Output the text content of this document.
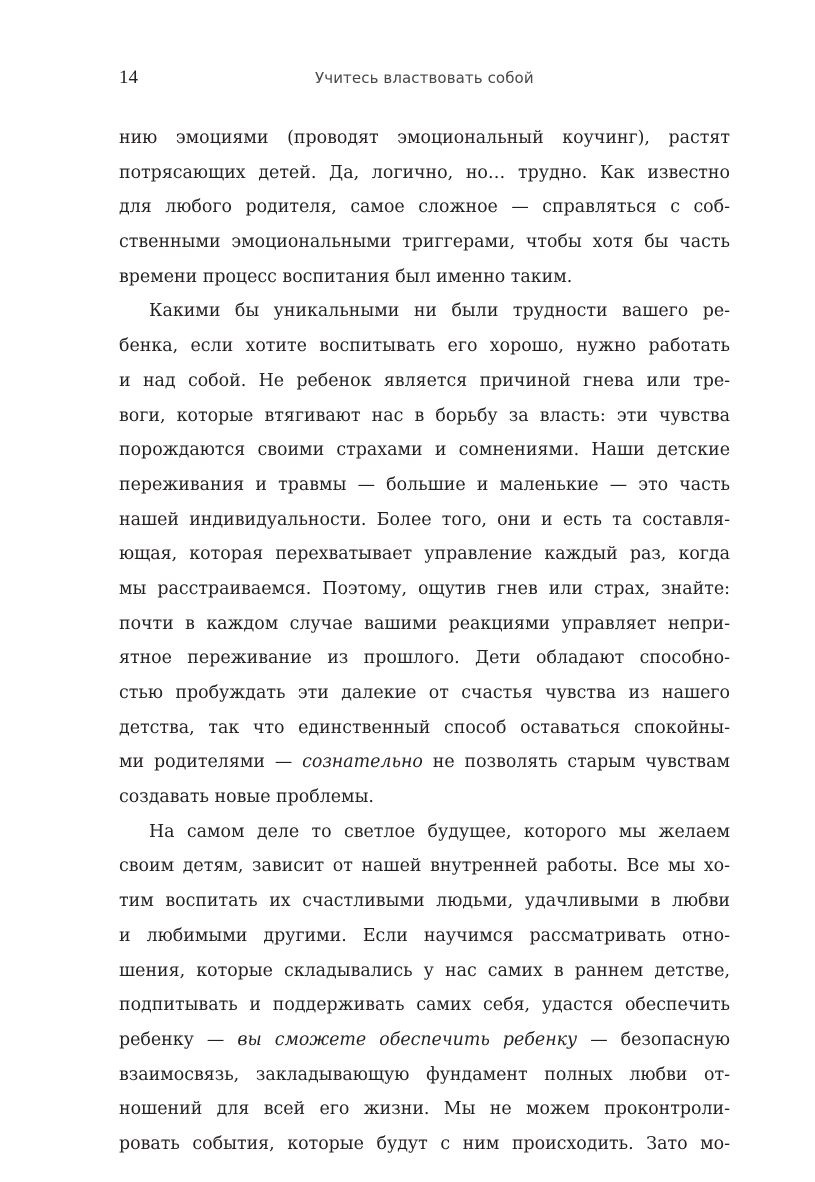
14	Учитесь властвовать собой
нию эмоциями (проводят эмоциональный коучинг), растят
потрясающих детей. Да, логично, но… трудно. Как известно
для любого родителя, самое сложное — справляться с соб-
ственными эмоциональными триггерами, чтобы хотя бы часть
времени процесс воспитания был именно таким.
Какими бы уникальными ни были трудности вашего ре-
бенка, если хотите воспитывать его хорошо, нужно работать
и над собой. Не ребенок является причиной гнева или тре-
воги, которые втягивают нас в борьбу за власть: эти чувства
порождаются своими страхами и сомнениями. Наши детские
переживания и травмы — большие и маленькие — это часть
нашей индивидуальности. Более того, они и есть та составля-
ющая, которая перехватывает управление каждый раз, когда
мы расстраиваемся. Поэтому, ощутив гнев или страх, знайте:
почти в каждом случае вашими реакциями управляет непри-
ятное переживание из прошлого. Дети обладают способно-
стью пробуждать эти далекие от счастья чувства из нашего
детства, так что единственный способ оставаться спокойны-
ми родителями — сознательно не позволять старым чувствам
создавать новые проблемы.
На самом деле то светлое будущее, которого мы желаем
своим детям, зависит от нашей внутренней работы. Все мы хо-
тим воспитать их счастливыми людьми, удачливыми в любви
и любимыми другими. Если научимся рассматривать отно-
шения, которые складывались у нас самих в раннем детстве,
подпитывать и поддерживать самих себя, удастся обеспечить
ребенку — вы сможете обеспечить ребенку — безопасную
взаимосвязь, закладывающую фундамент полных любви от-
ношений для всей его жизни. Мы не можем проконтроли-
ровать события, которые будут с ним происходить. Зато мо-
